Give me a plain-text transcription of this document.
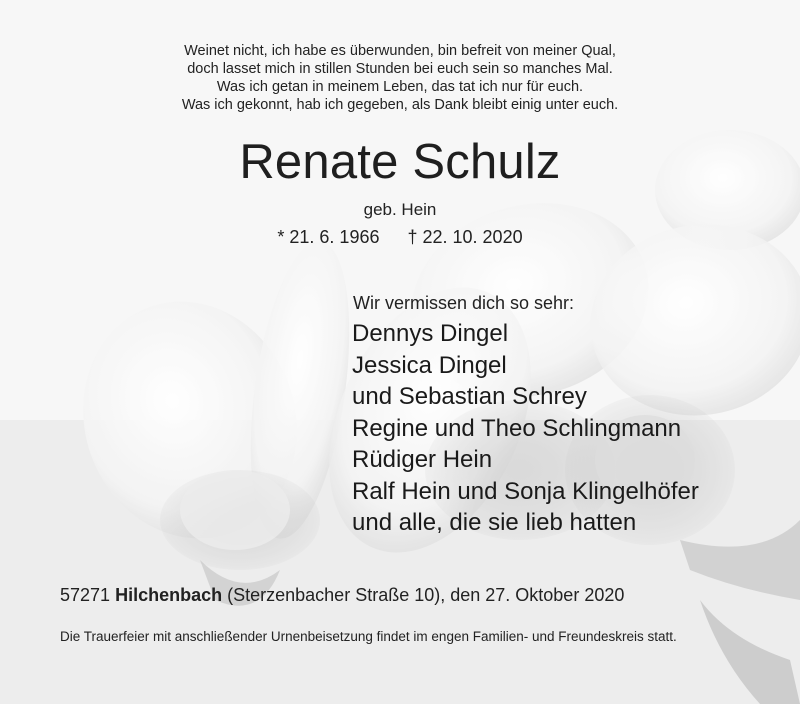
Weinet nicht, ich habe es überwunden, bin befreit von meiner Qual,
doch lasset mich in stillen Stunden bei euch sein so manches Mal.
Was ich getan in meinem Leben, das tat ich nur für euch.
Was ich gekonnt, hab ich gegeben, als Dank bleibt einig unter euch.
Renate Schulz
geb. Hein
* 21. 6. 1966 † 22. 10. 2020
Wir vermissen dich so sehr:
Dennys Dingel
Jessica Dingel
und Sebastian Schrey
Regine und Theo Schlingmann
Rüdiger Hein
Ralf Hein und Sonja Klingelhöfer
und alle, die sie lieb hatten
57271 Hilchenbach (Sterzenbacher Straße 10), den 27. Oktober 2020
Die Trauerfeier mit anschließender Urnenbeisetzung findet im engen Familien- und Freundeskreis statt.
